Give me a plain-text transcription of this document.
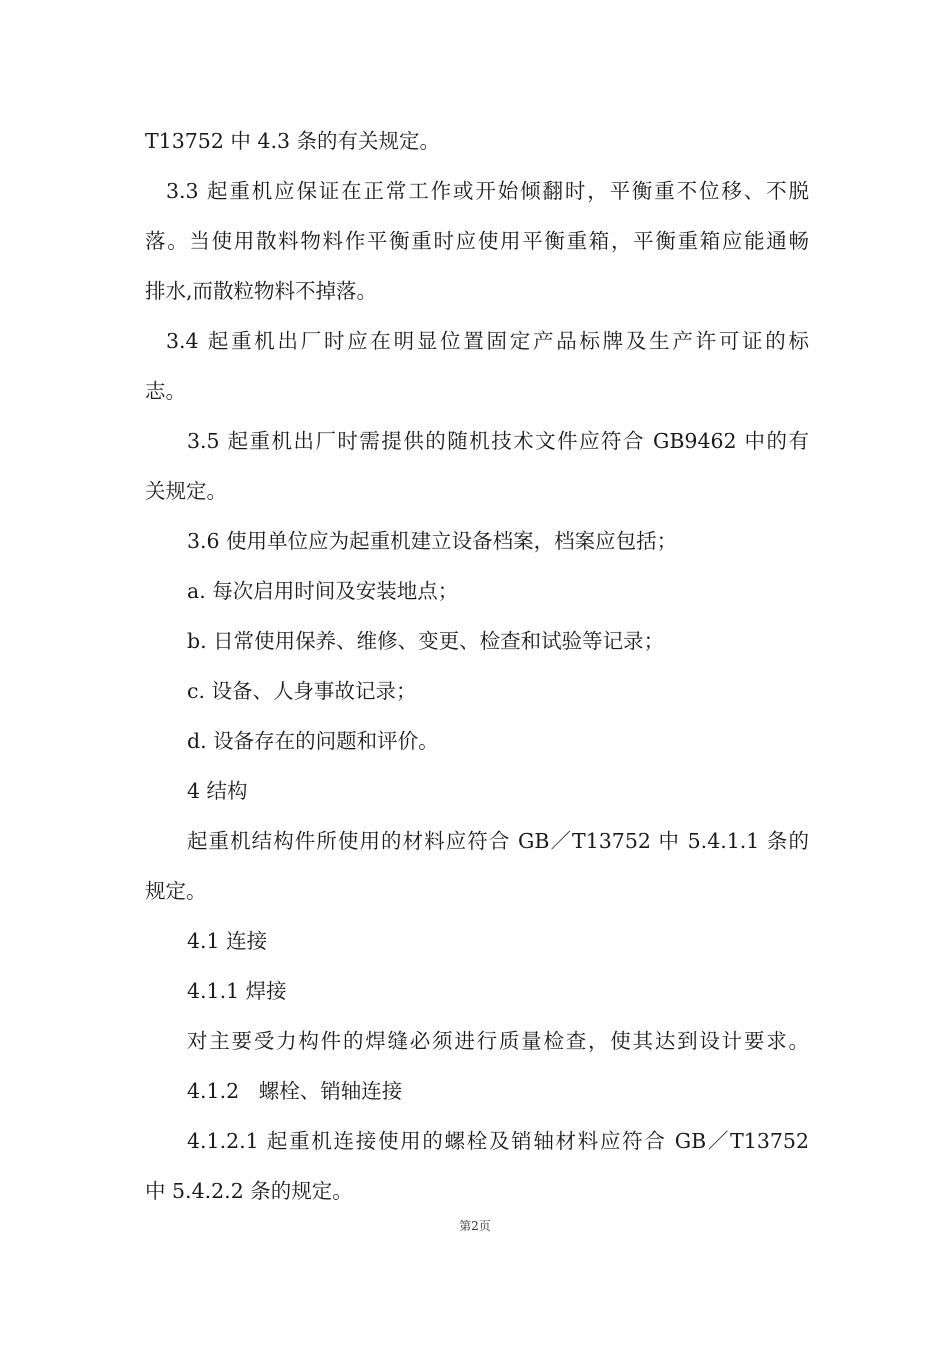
T13752 中 4.3 条的有关规定。
3.3 起重机应保证在正常工作或开始倾翻时，平衡重不位移、不脱
落。当使用散料物料作平衡重时应使用平衡重箱，平衡重箱应能通畅
排水,而散粒物料不掉落。
3.4 起重机出厂时应在明显位置固定产品标牌及生产许可证的标
志。
3.5 起重机出厂时需提供的随机技术文件应符合 GB9462 中的有
关规定。
3.6 使用单位应为起重机建立设备档案，档案应包括；
a. 每次启用时间及安装地点；
b. 日常使用保养、维修、变更、检查和试验等记录；
c. 设备、人身事故记录；
d. 设备存在的问题和评价。
4 结构
起重机结构件所使用的材料应符合 GB／T13752 中 5.4.1.1 条的
规定。
4.1 连接
4.1.1 焊接
对主要受力构件的焊缝必须进行质量检查，使其达到设计要求。
4.1.2   螺栓、销轴连接
4.1.2.1 起重机连接使用的螺栓及销轴材料应符合 GB／T13752
中 5.4.2.2 条的规定。
第2页
